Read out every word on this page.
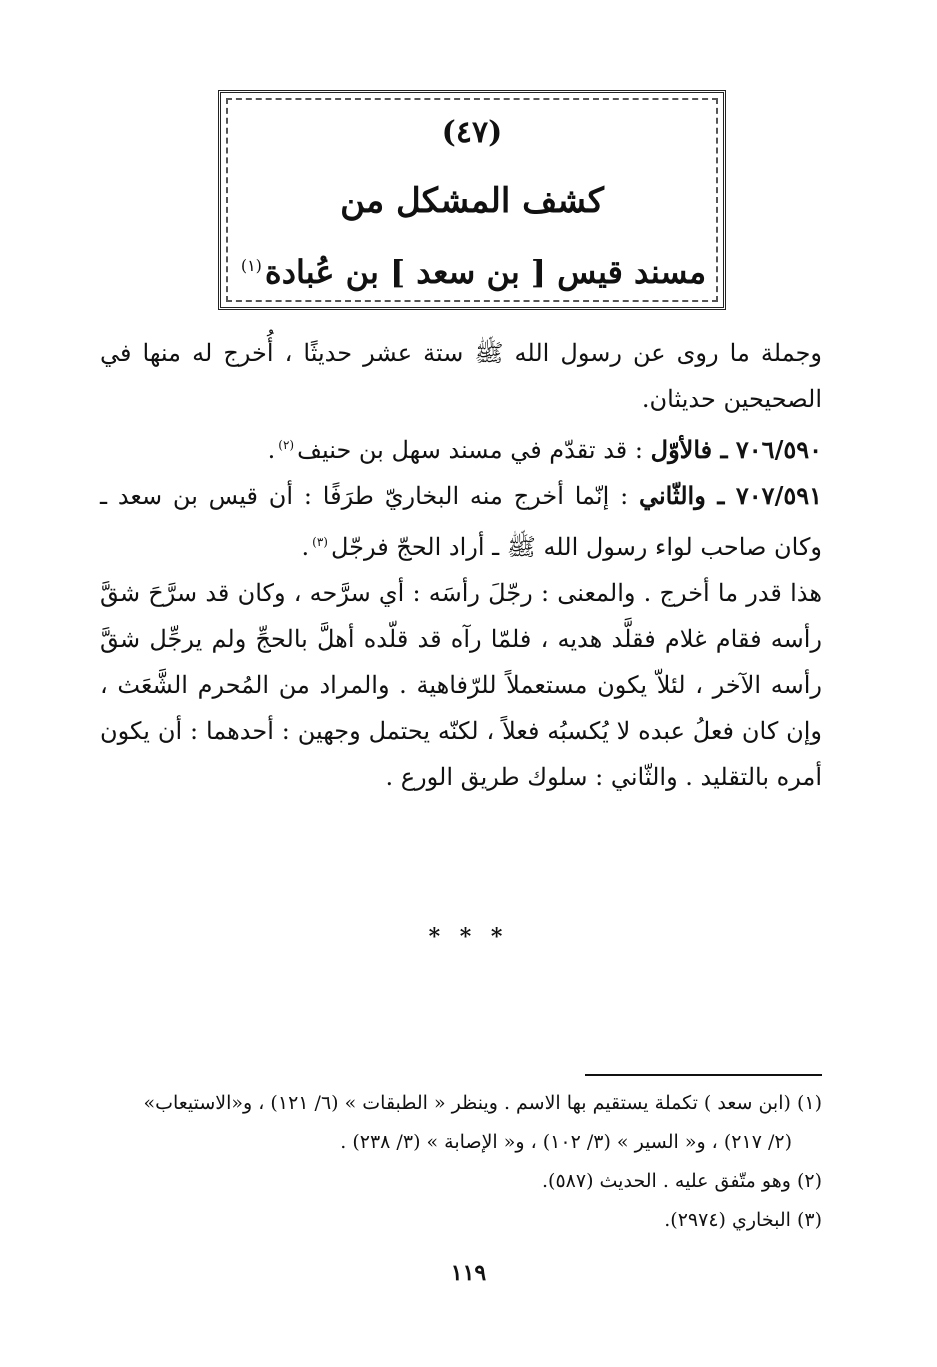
(٤٧)
كشف المشكل من
مسند قيس [ بن سعد ] بن عُبادة$^{(١)}$

وجملة ما روى عن رسول الله ﷺ ستة عشر حديثًا ، أُخرج له منها في الصحيحين حديثان.

٧٠٦/٥٩٠ ـ فالأوّل : قد تقدّم في مسند سهل بن حنيف$^{(٢)}$.

٧٠٧/٥٩١ ـ والثّاني : إنّما أخرج منه البخاريّ طرَفًا : أن قيس بن سعد ـ وكان صاحب لواء رسول الله ﷺ ـ أراد الحجّ فرجّل$^{(٣)}$.

هذا قدر ما أخرج . والمعنى : رجّلَ رأسَه : أي سرَّحه ، وكان قد سرَّحَ شقَّ رأسه فقام غلام فقلَّد هديه ، فلمّا رآه قد قلّده أهلَّ بالحجِّ ولم يرجِّل شقَّ رأسه الآخر ، لئلاّ يكون مستعملاً للرّفاهية . والمراد من المُحرم الشَّعَث ، وإن كان فعلُ عبده لا يُكسبُه فعلاً ، لكنّه يحتمل وجهين : أحدهما : أن يكون أمره بالتقليد . والثّاني : سلوك طريق الورع .

* * *

(١) (ابن سعد ) تكملة يستقيم بها الاسم . وينظر « الطبقات » (٦/ ١٢١) ، و«الاستيعاب»

(٢/ ٢١٧) ، و« السير » (٣/ ١٠٢) ، و« الإصابة » (٣/ ٢٣٨) .

(٢) وهو متّفق عليه . الحديث (٥٨٧).

(٣) البخاري (٢٩٧٤).

١١٩
